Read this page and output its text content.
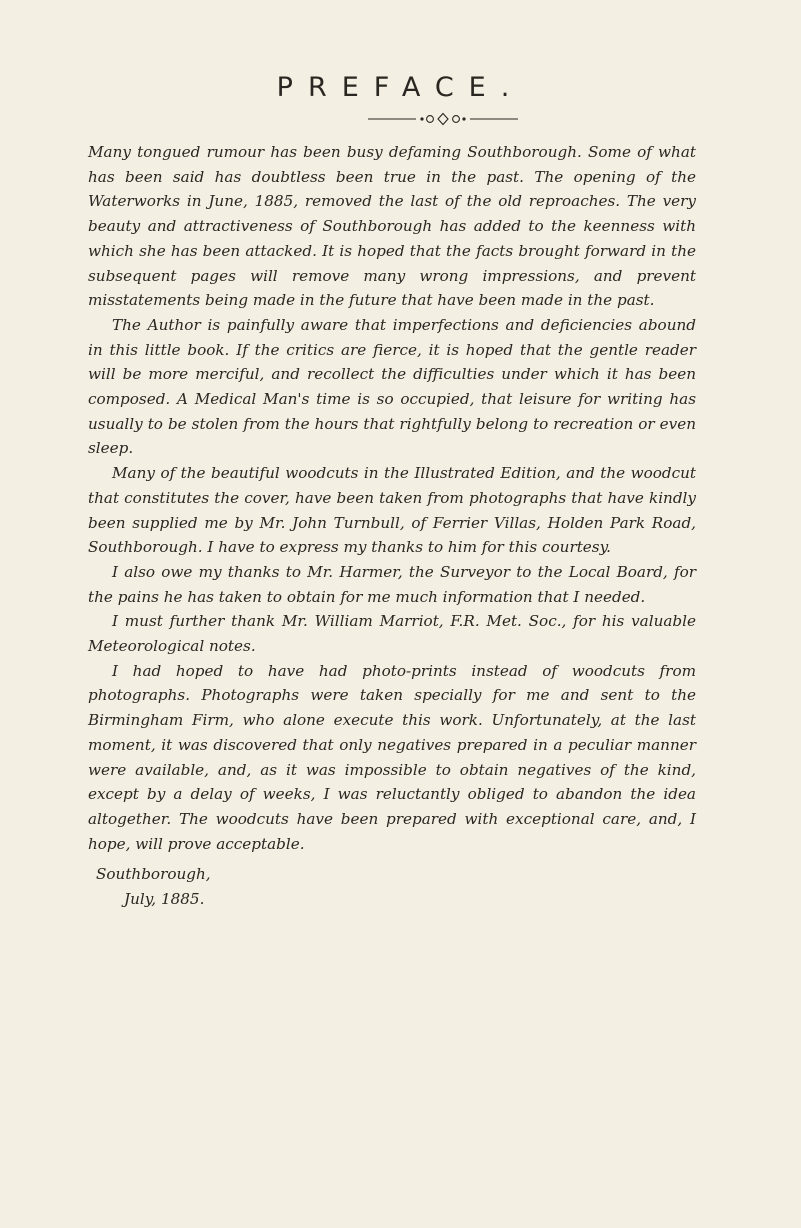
PREFACE.

Many tongued rumour has been busy defaming Southborough. Some of what has been said has doubtless been true in the past. The opening of the Waterworks in June, 1885, removed the last of the old reproaches. The very beauty and attractiveness of Southborough has added to the keenness with which she has been attacked. It is hoped that the facts brought forward in the subsequent pages will remove many wrong impressions, and prevent misstatements being made in the future that have been made in the past.

The Author is painfully aware that imperfections and deficiencies abound in this little book. If the critics are fierce, it is hoped that the gentle reader will be more merciful, and recollect the difficulties under which it has been composed. A Medical Man's time is so occupied, that leisure for writing has usually to be stolen from the hours that rightfully belong to recreation or even sleep.

Many of the beautiful woodcuts in the Illustrated Edition, and the woodcut that constitutes the cover, have been taken from photographs that have kindly been supplied me by Mr. John Turnbull, of Ferrier Villas, Holden Park Road, Southborough. I have to express my thanks to him for this courtesy.

I also owe my thanks to Mr. Harmer, the Surveyor to the Local Board, for the pains he has taken to obtain for me much information that I needed.

I must further thank Mr. William Marriot, F.R. Met. Soc., for his valuable Meteorological notes.

I had hoped to have had photo-prints instead of woodcuts from photographs. Photographs were taken specially for me and sent to the Birmingham Firm, who alone execute this work. Unfortunately, at the last moment, it was discovered that only negatives prepared in a peculiar manner were available, and, as it was impossible to obtain negatives of the kind, except by a delay of weeks, I was reluctantly obliged to abandon the idea altogether. The woodcuts have been prepared with exceptional care, and, I hope, will prove acceptable.

Southborough,
July, 1885.
